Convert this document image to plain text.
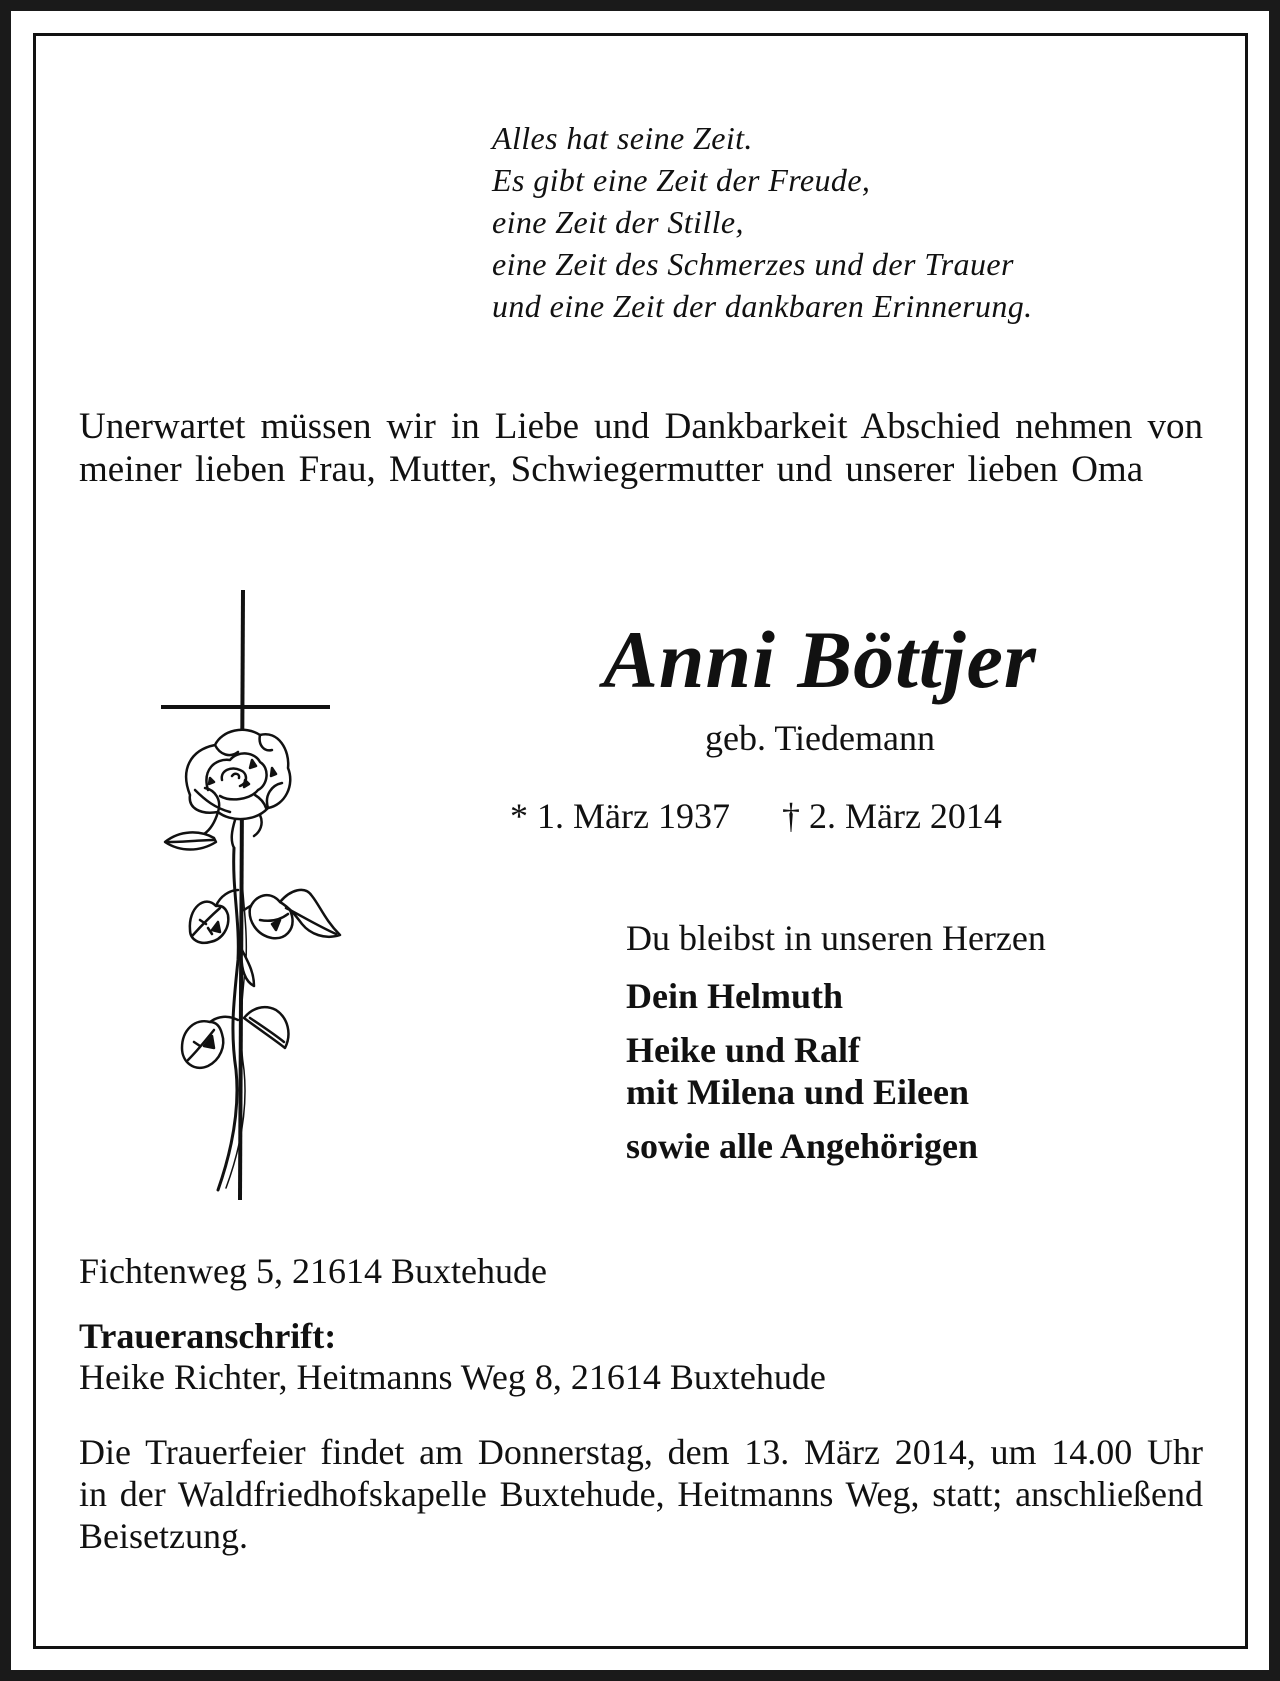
Alles hat seine Zeit.
Es gibt eine Zeit der Freude,
eine Zeit der Stille,
eine Zeit des Schmerzes und der Trauer
und eine Zeit der dankbaren Erinnerung.

Unerwartet müssen wir in Liebe und Dankbarkeit Abschied nehmen von meiner lieben Frau, Mutter, Schwiegermutter und unserer lieben Oma

Anni Böttjer

geb. Tiedemann

* 1. März 1937 † 2. März 2014

Du bleibst in unseren Herzen

Dein Helmuth
Heike und Ralf
mit Milena und Eileen
sowie alle Angehörigen

Fichtenweg 5, 21614 Buxtehude

Traueranschrift:
Heike Richter, Heitmanns Weg 8, 21614 Buxtehude

Die Trauerfeier findet am Donnerstag, dem 13. März 2014, um 14.00 Uhr in der Waldfriedhofskapelle Buxtehude, Heitmanns Weg, statt; anschließend Beisetzung.
